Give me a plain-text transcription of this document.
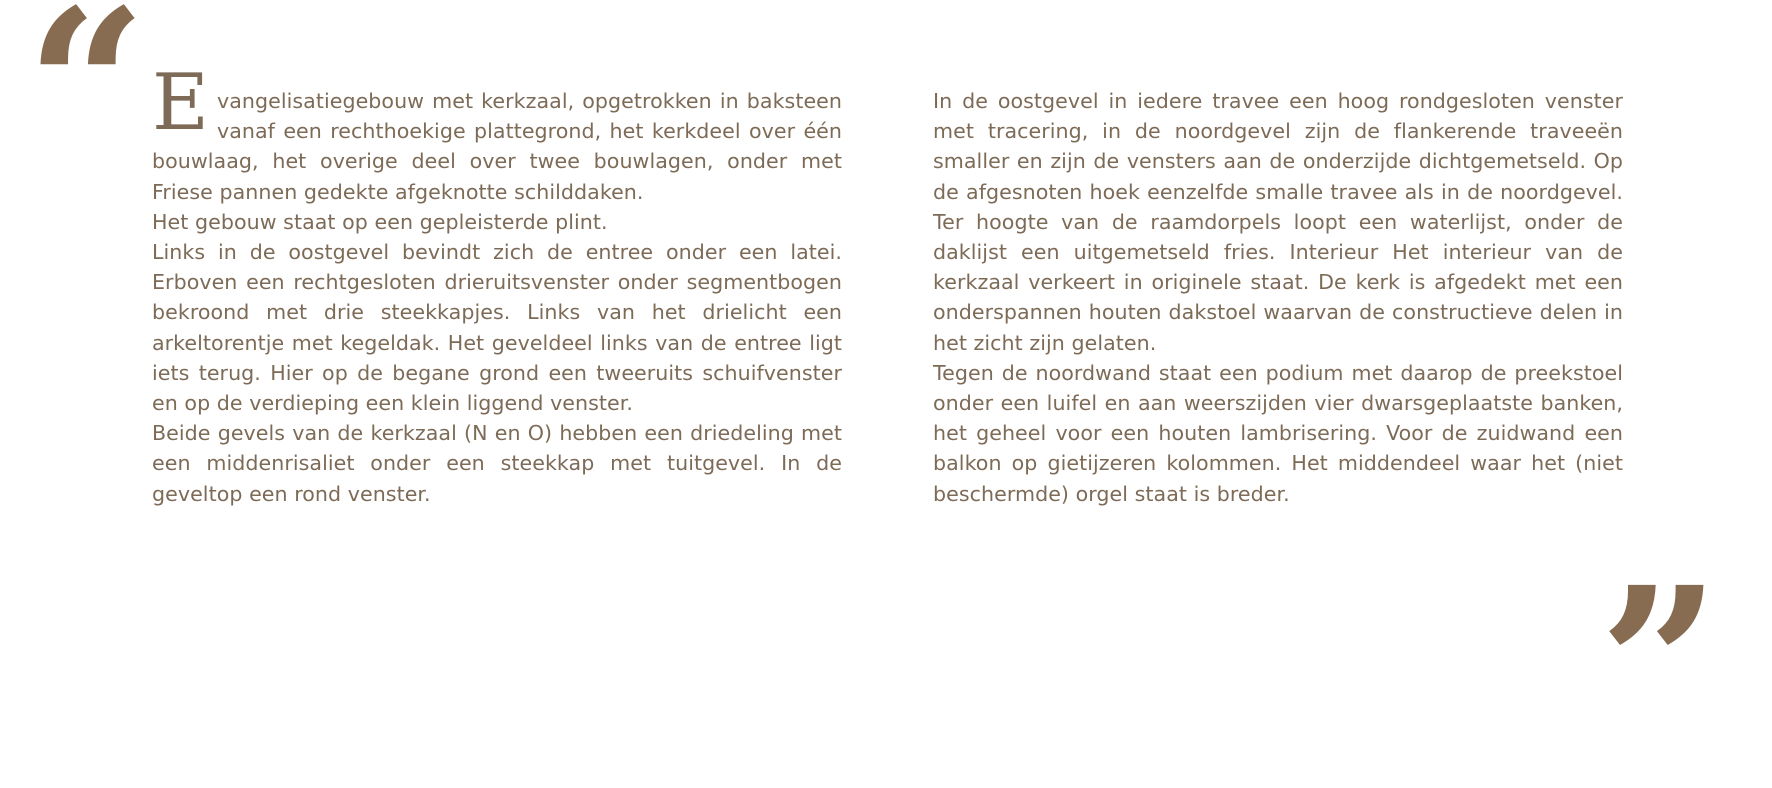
“ Evangelisatiegebouw met kerkzaal, opgetrokken in baksteen vanaf een rechthoekige plattegrond, het kerkdeel over één bouwlaag, het overige deel over twee bouwlagen, onder met Friese pannen gedekte afgeknotte schilddaken.

Het gebouw staat op een gepleisterde plint.

Links in de oostgevel bevindt zich de entree onder een latei. Erboven een rechtgesloten drieruitsvenster onder segmentbogen bekroond met drie steekkapjes. Links van het drielicht een arkeltorentje met kegeldak. Het geveldeel links van de entree ligt iets terug. Hier op de begane grond een tweeruits schuifvenster en op de verdieping een klein liggend venster.

Beide gevels van de kerkzaal (N en O) hebben een driedeling met een middenrisaliet onder een steekkap met tuitgevel. In de geveltop een rond venster.

In de oostgevel in iedere travee een hoog rondgesloten venster met tracering, in de noordgevel zijn de flankerende traveeën smaller en zijn de vensters aan de onderzijde dichtgemetseld. Op de afgesnoten hoek eenzelfde smalle travee als in de noordgevel. Ter hoogte van de raamdorpels loopt een waterlijst, onder de daklijst een uitgemetseld fries. Interieur Het interieur van de kerkzaal verkeert in originele staat. De kerk is afgedekt met een onderspannen houten dakstoel waarvan de constructieve delen in het zicht zijn gelaten.

Tegen de noordwand staat een podium met daarop de preekstoel onder een luifel en aan weerszijden vier dwarsgeplaatste banken, het geheel voor een houten lambrisering. Voor de zuidwand een balkon op gietijzeren kolommen. Het middendeel waar het (niet beschermde) orgel staat is breder.

”
